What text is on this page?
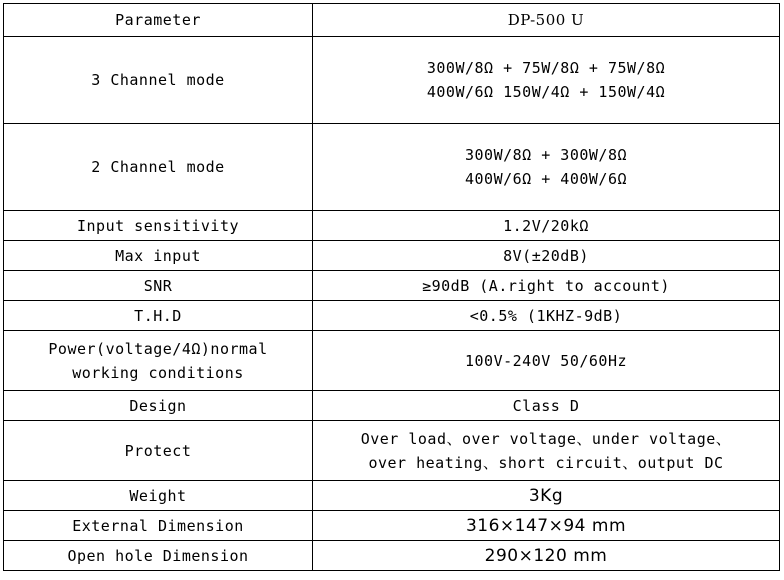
Parameter	DP-500 U

3 Channel mode	300W/8Ω + 75W/8Ω + 75W/8Ω
400W/6Ω 150W/4Ω + 150W/4Ω

2 Channel mode	300W/8Ω + 300W/8Ω
400W/6Ω + 400W/6Ω

Input sensitivity	1.2V/20kΩ

Max input	8V(±20dB)

SNR	≥90dB (A.right to account)

T.H.D	<0.5% (1KHZ-9dB)

Power(voltage/4Ω)normal
working conditions	100V-240V 50/60Hz

Design	Class D

Protect	Over load、over voltage、under voltage、
over heating、short circuit、output DC

Weight	3Kg

External Dimension	316×147×94 mm

Open hole Dimension	290×120 mm
